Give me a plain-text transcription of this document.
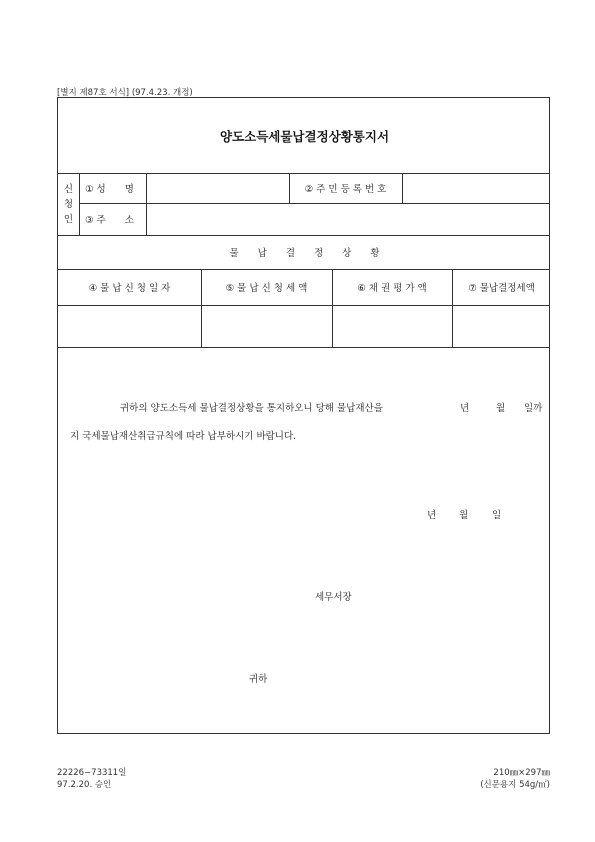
[별지 제87호 서식] (97.4.23. 개정)
양도소득세물납결정상황통지서
신
청
인
① 성　　명	② 주 민 등 록 번 호
③ 주　　소
물　　납　　결　　정　　상　　황
④ 물 납 신 청 일 자	⑤ 물 납 신 청 세 액	⑥ 채 권 평 가 액	⑦ 물납결정세액
귀하의 양도소득세 물납결정상황을 통지하오니 당해 물납재산을	년	월 일까
지 국세물납재산취급규칙에 따라 납부하시기 바랍니다.
년 월	일
세무서장
귀하
22226−73311일
97.2.20. 승인
210㎜×297㎜
(신문용지 54g/㎡)
